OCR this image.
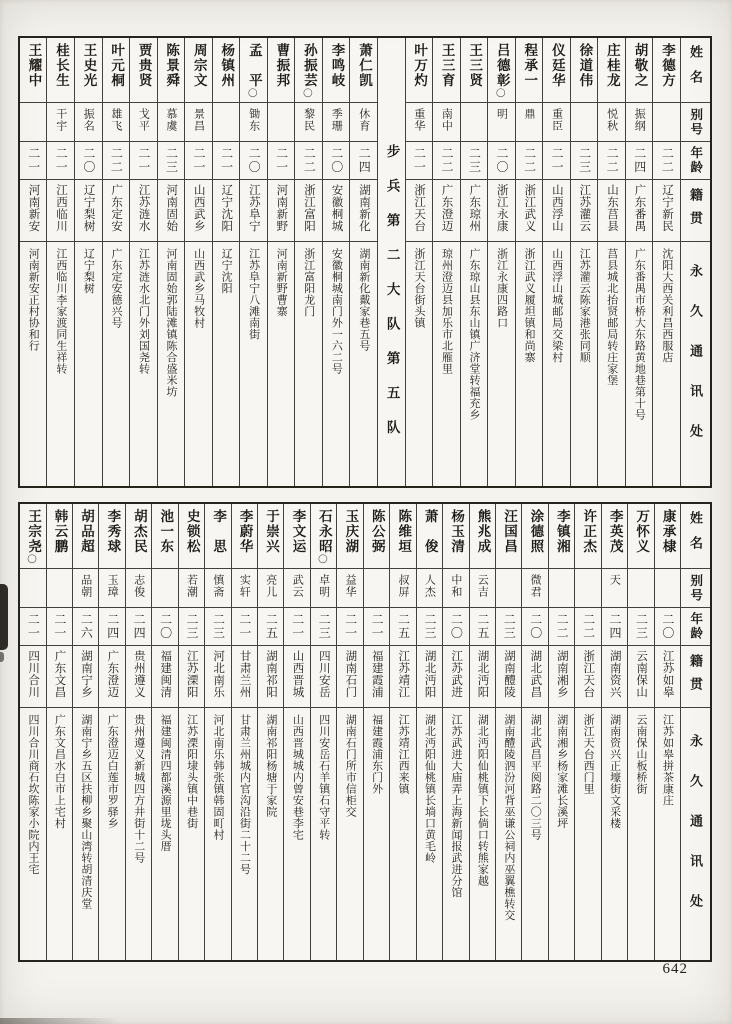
姓名
别号
年龄
籍贯
永久通讯处
李德方
二二
辽宁新民
沈阳大西关利昌西服店
胡敬之
振纲
二四
广东番禺
广东番禺市桥大东路黄地巷第十号
庄桂龙
悦秋
二二
山东莒县
莒县城北抬贤邮局转庄家堡
徐道伟
二三
江苏灌云
江苏灌云陈家港张同顺
仪廷华
重臣
二一
山西浮山
山西浮山城邮局交梁村
程承一
鼎
二二
浙江武义
浙江武义履坦镇和尚寨
吕德彰◯
明
二〇
浙江永康
浙江永康四路口
王三贤
二三
广东琼州
广东琼山县东山镇广济堂转福充乡
王三育
南中
二二
广东澄迈
琼州澄迈县加乐市北雁里
叶万灼
重华
二一
浙江天台
浙江天台街头镇
步兵第二大队第五队
萧仁凯
休育
二四
湖南新化
湖南新化戴家巷五号
李鸣岐
季珊
二〇
安徽桐城
安徽桐城南门外一六二号
孙振芸◯
黎民
二二
浙江富阳
浙江富阳龙门
曹振邦
二一
河南新野
河南新野曹寨
孟　平◯
锄东
二〇
江苏阜宁
江苏阜宁八滩南街
杨镇州
二一
辽宁沈阳
辽宁沈阳
周宗文
景昌
二一
山西武乡
山西武乡马牧村
陈景舜
慕虞
二三
河南固始
河南固始郭陆滩镇陈合盛米坊
贾贵贤
戈平
二一
江苏涟水
江苏涟水北门外刘国尧转
叶元桐
雄飞
二二
广东定安
广东定安德兴号
王史光
振名
二〇
辽宁梨树
辽宁梨树
桂长生
干宇
二一
江西临川
江西临川李家渡同生祥转
王耀中
二一
河南新安
河南新安正村协和行
姓名
别号
年龄
籍贯
永久通讯处
康承棣
二〇
江苏如皋
江苏如皋拼茶康庄
万怀义
二三
云南保山
云南保山板桥街
李英茂
天
二四
湖南资兴
湖南资兴正壕街文采楼
许正杰
二二
浙江天台
浙江天台西门里
李镇湘
二二
湖南湘乡
湖南湘乡杨家滩长溪坪
涂德照
微君
二〇
湖北武昌
湖北武昌平阅路二〇三号
汪国昌
二三
湖南醴陵
湖南醴陵泗汾河背巫谦公祠内巫翼樵转交
熊兆成
云吉
二五
湖北沔阳
湖北沔阳仙桃镇下长倘口转熊家越
杨玉清
中和
二〇
江苏武进
江苏武进大庙弄上海新闻报武进分馆
萧　俊
人杰
二三
湖北沔阳
湖北沔阳仙桃镇长埫口黄毛岭
陈维垣
叔屏
二五
江苏靖江
江苏靖江西来镇
陈公弼
二一
福建霞浦
福建霞浦东门外
玉庆湖
益华
二一
湖南石门
湖南石门所市信柜交
石永昭◯
卓明
二三
四川安岳
四川安岳石羊镇石守平转
李文运
武云
二一
山西晋城
山西晋城城内曾安巷李宅
于崇兴
亮儿
二五
湖南祁阳
湖南祁阳杨塘于家院
李蔚华
实轩
二一
甘肃兰州
甘肃兰州城内官沟沿街二十二号
李　思
慎斋
二三
河北南乐
河北南乐韩张镇韩固町村
史锁松
若潮
二三
江苏溧阳
江苏溧阳埭头镇中巷街
池一东
二〇
福建闽清
福建闽清四都溪源里垅头厝
胡杰民
志俊
二四
贵州遵义
贵州遵义新城四方井街十二号
李秀球
玉璋
二四
广东澄迈
广东澄迈白莲市罗驿乡
胡品超
品朝
二六
湖南宁乡
湖南宁乡五区扶柳乡聚山湾转胡清庆堂
韩云鹏
二一
广东文昌
广东文昌水白市上宅村
王宗尧◯
二一
四川合川
四川合川商石坎陈家小院内王宅
642
